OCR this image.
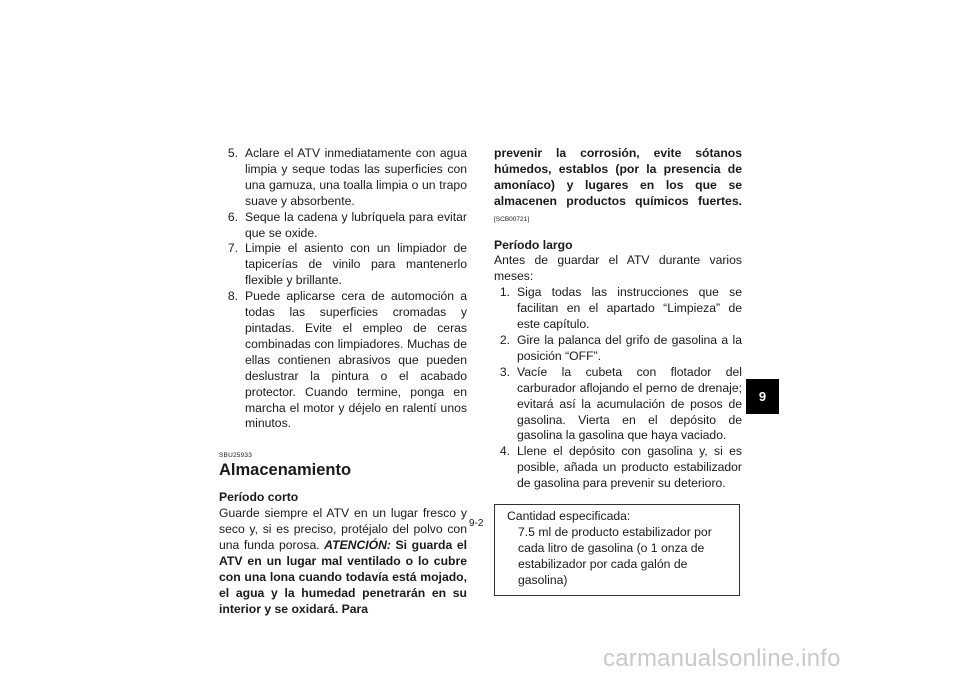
5. Aclare el ATV inmediatamente con agua limpia y seque todas las superficies con una gamuza, una toalla limpia o un trapo suave y absorbente.
6. Seque la cadena y lubríquela para evitar que se oxide.
7. Limpie el asiento con un limpiador de tapicerías de vinilo para mantenerlo flexible y brillante.
8. Puede aplicarse cera de automoción a todas las superficies cromadas y pintadas. Evite el empleo de ceras combinadas con limpiadores. Muchas de ellas contienen abrasivos que pueden deslustrar la pintura o el acabado protector. Cuando termine, ponga en marcha el motor y déjelo en ralentí unos minutos.
SBU25933
Almacenamiento
Período corto
Guarde siempre el ATV en un lugar fresco y seco y, si es preciso, protéjalo del polvo con una funda porosa. ATENCIÓN: Si guarda el ATV en un lugar mal ventilado o lo cubre con una lona cuando todavía está mojado, el agua y la humedad penetrarán en su interior y se oxidará. Para
prevenir la corrosión, evite sótanos húmedos, establos (por la presencia de amoníaco) y lugares en los que se almacenen productos químicos fuertes. [SCB00721]
Período largo
Antes de guardar el ATV durante varios meses:
1. Siga todas las instrucciones que se facilitan en el apartado “Limpieza” de este capítulo.
2. Gire la palanca del grifo de gasolina a la posición “OFF”.
3. Vacíe la cubeta con flotador del carburador aflojando el perno de drenaje; evitará así la acumulación de posos de gasolina. Vierta en el depósito de gasolina la gasolina que haya vaciado.
4. Llene el depósito con gasolina y, si es posible, añada un producto estabilizador de gasolina para prevenir su deterioro.
Cantidad especificada:
7.5 ml de producto estabilizador por cada litro de gasolina (o 1 onza de estabilizador por cada galón de gasolina)
9
9-2
carmanualsonline.info
